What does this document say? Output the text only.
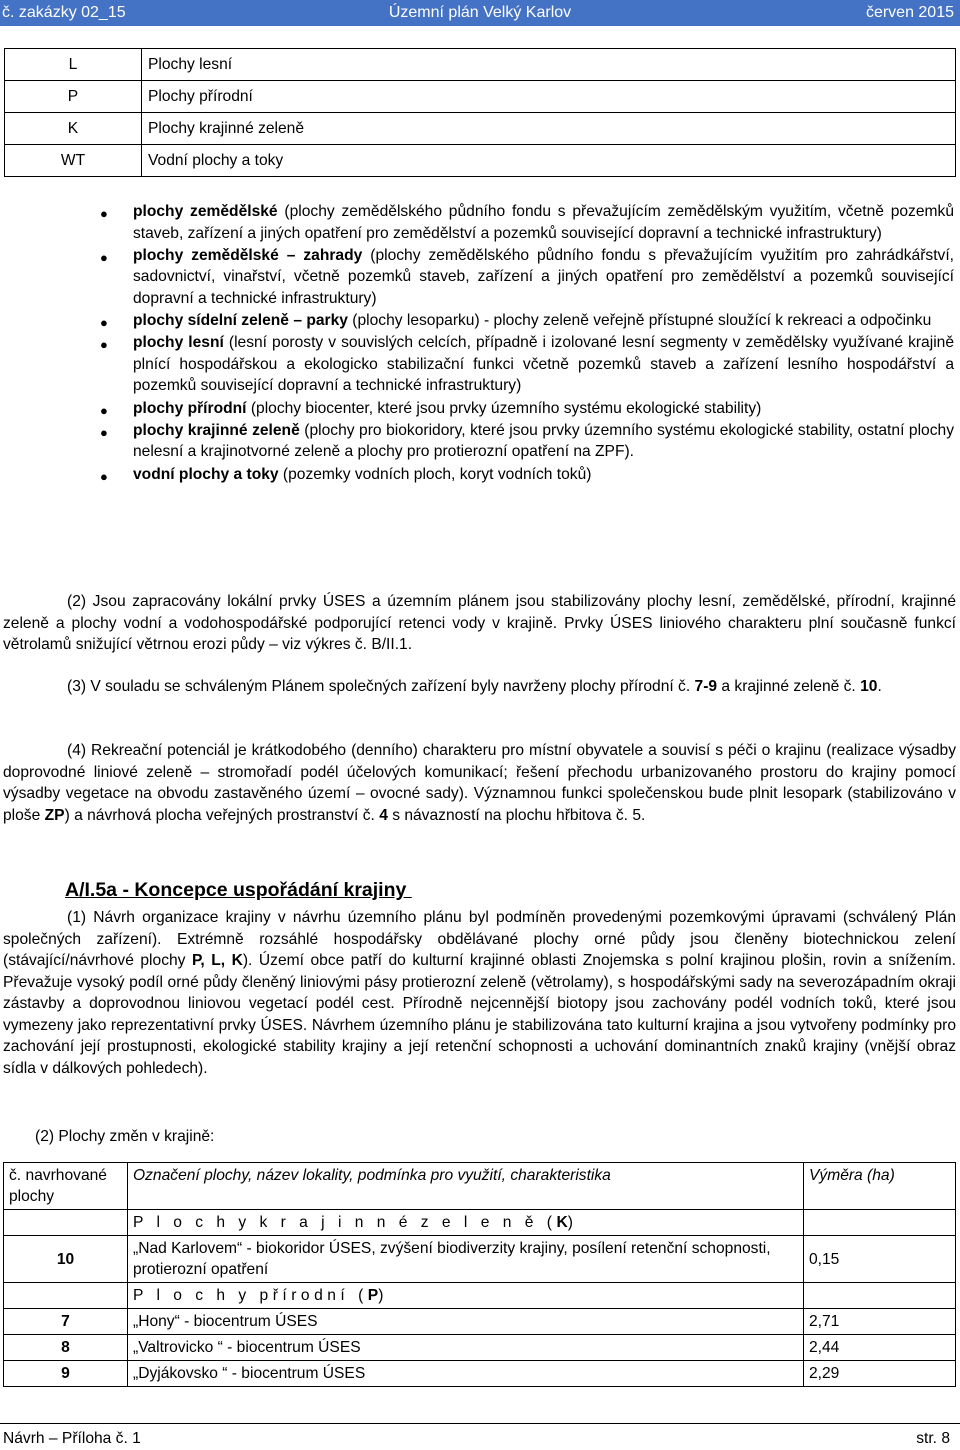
č. zakázky 02_15	Územní plán Velký Karlov	červen 2015
L	Plochy lesní
P	Plochy přírodní
K	Plochy krajinné zeleně
WT	Vodní plochy a toky
● plochy zemědělské (plochy zemědělského půdního fondu s převažujícím zemědělským využitím, včetně pozemků staveb, zařízení a jiných opatření pro zemědělství a pozemků související dopravní a technické infrastruktury)
● plochy zemědělské – zahrady (plochy zemědělského půdního fondu s převažujícím využitím pro zahrádkářství, sadovnictví, vinařství, včetně pozemků staveb, zařízení a jiných opatření pro zemědělství a pozemků související dopravní a technické infrastruktury)
● plochy sídelní zeleně – parky (plochy lesoparku) - plochy zeleně veřejně přístupné sloužící k rekreaci a odpočinku
● plochy lesní (lesní porosty v souvislých celcích, případně i izolované lesní segmenty v zemědělsky využívané krajině plnící hospodářskou a ekologicko stabilizační funkci včetně pozemků staveb a zařízení lesního hospodářství a pozemků související dopravní a technické infrastruktury)
● plochy přírodní (plochy biocenter, které jsou prvky územního systému ekologické stability)
● plochy krajinné zeleně (plochy pro biokoridory, které jsou prvky územního systému ekologické stability, ostatní plochy nelesní a krajinotvorné zeleně a plochy pro protierozní opatření na ZPF).
● vodní plochy a toky (pozemky vodních ploch, koryt vodních toků)

(2) Jsou zapracovány lokální prvky ÚSES a územním plánem jsou stabilizovány plochy lesní, zemědělské, přírodní, krajinné zeleně a plochy vodní a vodohospodářské podporující retenci vody v krajině. Prvky ÚSES liniového charakteru plní současně funkcí větrolamů snižující větrnou erozi půdy – viz výkres č. B/II.1.

(3) V souladu se schváleným Plánem společných zařízení byly navrženy plochy přírodní č. 7-9 a krajinné zeleně č. 10.

(4) Rekreační potenciál je krátkodobého (denního) charakteru pro místní obyvatele a souvisí s péči o krajinu (realizace výsadby doprovodné liniové zeleně – stromořadí podél účelových komunikací; řešení přechodu urbanizovaného prostoru do krajiny pomocí výsadby vegetace na obvodu zastavěného území – ovocné sady). Významnou funkci společenskou bude plnit lesopark (stabilizováno v ploše ZP) a návrhová plocha veřejných prostranství č. 4 s návazností na plochu hřbitova č. 5.

A/I.5a - Koncepce uspořádání krajiny

(1) Návrh organizace krajiny v návrhu územního plánu byl podmíněn provedenými pozemkovými úpravami (schválený Plán společných zařízení). Extrémně rozsáhlé hospodářsky obdělávané plochy orné půdy jsou členěny biotechnickou zelení (stávající/návrhové plochy P, L, K). Území obce patří do kulturní krajinné oblasti Znojemska s polní krajinou plošin, rovin a snížením. Převažuje vysoký podíl orné půdy členěný liniovými pásy protierozní zeleně (větrolamy), s hospodářskými sady na severozápadním okraji zástavby a doprovodnou liniovou vegetací podél cest. Přírodně nejcennější biotopy jsou zachovány podél vodních toků, které jsou vymezeny jako reprezentativní prvky ÚSES. Návrhem územního plánu je stabilizována tato kulturní krajina a jsou vytvořeny podmínky pro zachování její prostupnosti, ekologické stability krajiny a její retenční schopnosti a uchování dominantních znaků krajiny (vnější obraz sídla v dálkových pohledech).

(2) Plochy změn v krajině:

č. navrhované plochy	Označení plochy, název lokality, podmínka pro využití, charakteristika	Výměra (ha)
	P l o c h y k r a j i n n é z e l e n ě (K)	
10	„Nad Karlovem“ - biokoridor ÚSES, zvýšení biodiverzity krajiny, posílení retenční schopnosti, protierozní opatření	0,15
	P l o c h y přírodní (P)	
7	„Hony“ - biocentrum ÚSES	2,71
8	„Valtrovicko “ - biocentrum ÚSES	2,44
9	„Dyjákovsko “ - biocentrum ÚSES	2,29
Návrh – Příloha č. 1	str. 8
